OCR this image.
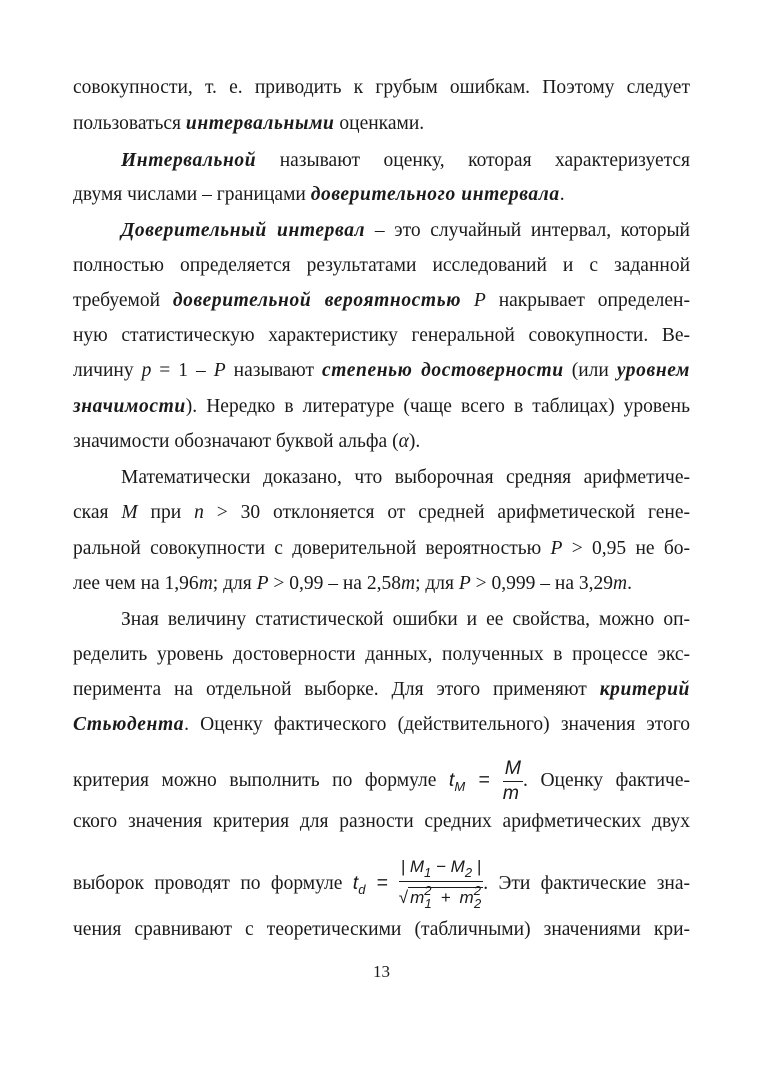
совокупности, т. е. приводить к грубым ошибкам. Поэтому следует
пользоваться интервальными оценками.
Интервальной называют оценку, которая характеризуется
двумя числами – границами доверительного интервала.
Доверительный интервал – это случайный интервал, который
полностью определяется результатами исследований и с заданной
требуемой доверительной вероятностью P накрывает определен-
ную статистическую характеристику генеральной совокупности. Ве-
личину p = 1 – P называют степенью достоверности (или уровнем
значимости). Нередко в литературе (чаще всего в таблицах) уровень
значимости обозначают буквой альфа (α).
Математически доказано, что выборочная средняя арифметиче-
ская M при n > 30 отклоняется от средней арифметической гене-
ральной совокупности с доверительной вероятностью P > 0,95 не бо-
лее чем на 1,96m; для P > 0,99 – на 2,58m; для P > 0,999 – на 3,29m.
Зная величину статистической ошибки и ее свойства, можно оп-
ределить уровень достоверности данных, полученных в процессе экс-
перимента на отдельной выборке. Для этого применяют критерий
Стьюдента. Оценку фактического (действительного) значения этого
критерия можно выполнить по формуле $t_M = \frac{M}{m}$ . Оценку фактиче-
ского значения критерия для разности средних арифметических двух
выборок проводят по формуле $t_d = \frac{| M_1 - M_2 |}{√ m^2_1 + m^2_2}$ . Эти фактические зна-
чения сравнивают с теоретическими (табличными) значениями кри-
13
